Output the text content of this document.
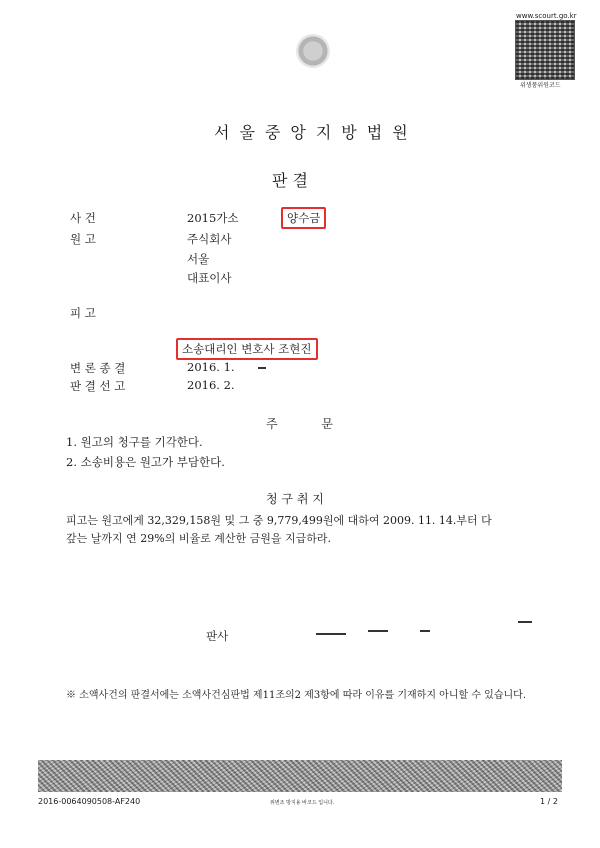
www.scourt.go.kr
위생품위원코드
서울중앙지방법원
판 결
사 건	2015가소	양수금
원 고	주식회사
서울
대표이사
피 고
소송대리인 변호사 조현진
변 론 종 결	2016. 1.
판 결 선 고	2016. 2.
주 문
1. 원고의 청구를 기각한다.
2. 소송비용은 원고가 부담한다.
청 구 취 지
피고는 원고에게 32,329,158원 및 그 중 9,779,499원에 대하여 2009. 11. 14.부터 다
갚는 날까지 연 29%의 비율로 계산한 금원을 지급하라.
판사
※ 소액사건의 판결서에는 소액사건심판법 제11조의2 제3항에 따라 이유를 기재하지 아니할 수 있습니다.
2016-0064090508-AF240	위변조 방지용 바코드 입니다.	1 / 2
